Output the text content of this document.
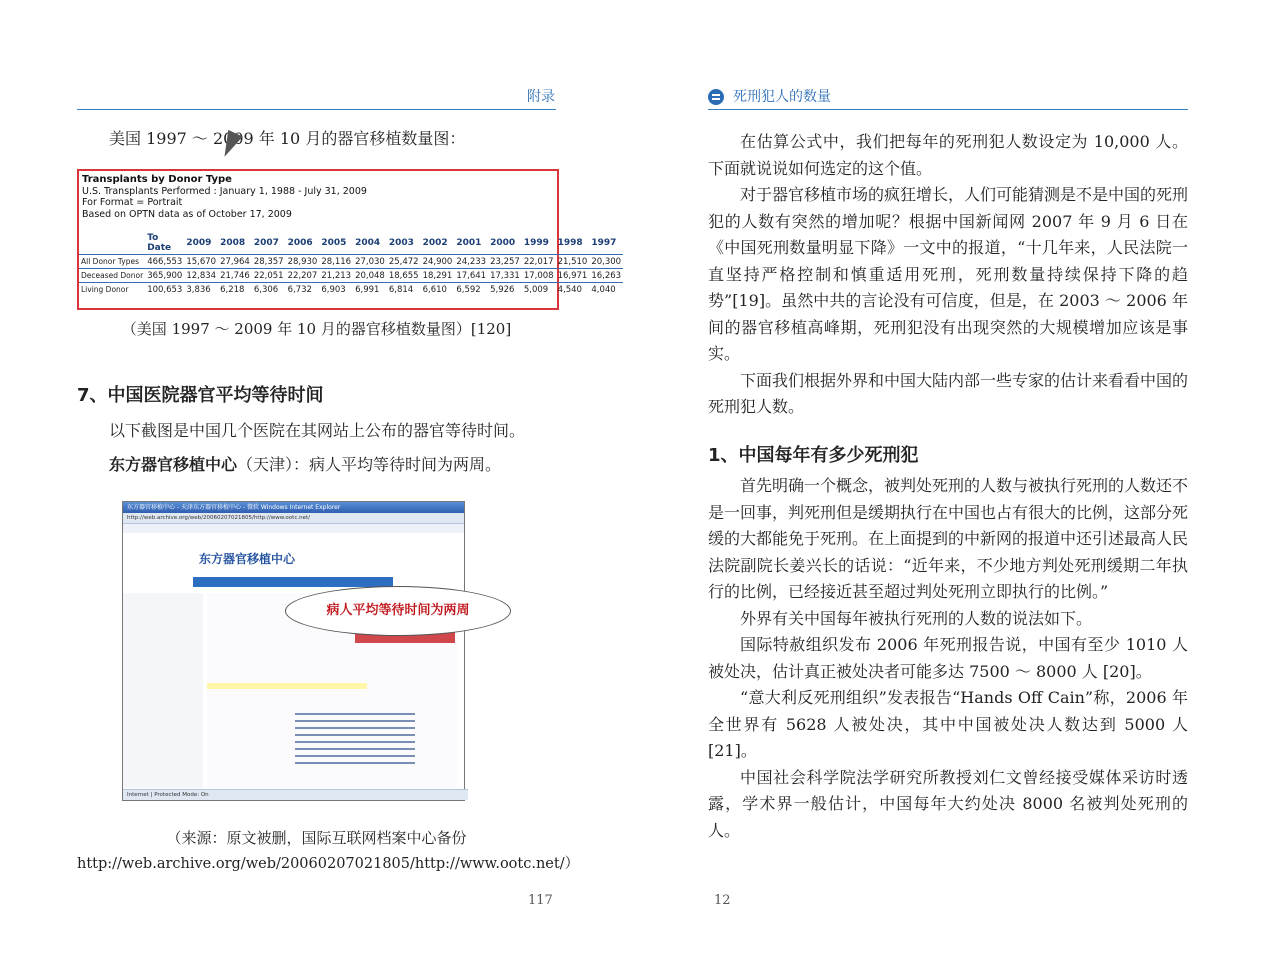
附录

美国 1997 ～ 2009 年 10 月的器官移植数量图：

Transplants by Donor Type
U.S. Transplants Performed : January 1, 1988 - July 31, 2009
For Format = Portrait
Based on OPTN data as of October 17, 2009
	To
Date	2009	2008	2007	2006	2005	2004	2003	2002	2001	2000	1999	1998	1997
All Donor Types	466,553	15,670	27,964	28,357	28,930	28,116	27,030	25,472	24,900	24,233	23,257	22,017	21,510	20,300
Deceased Donor	365,900	12,834	21,746	22,051	22,207	21,213	20,048	18,655	18,291	17,641	17,331	17,008	16,971	16,263
Living Donor	100,653	3,836	6,218	6,306	6,732	6,903	6,991	6,814	6,610	6,592	5,926	5,009	4,540	4,040
（美国 1997 ～ 2009 年 10 月的器官移植数量图）[120]
7、中国医院器官平均等待时间

以下截图是中国几个医院在其网站上公布的器官等待时间。

东方器官移植中心（天津）：病人平均等待时间为两周。

东方器官移植中心 - 天津东方器官移植中心 - 微软 Windows Internet Explorer
http://web.archive.org/web/20060207021805/http://www.ootc.net/
东方器官移植中心
Internet | Protected Mode: On
病人平均等待时间为两周
（来源：原文被删，国际互联网档案中心备份
http://web.archive.org/web/20060207021805/http://www.ootc.net/）
117
死刑犯人的数量

在估算公式中，我们把每年的死刑犯人数设定为 10,000 人。下面就说说如何选定的这个值。

对于器官移植市场的疯狂增长，人们可能猜测是不是中国的死刑犯的人数有突然的增加呢？根据中国新闻网 2007 年 9 月 6 日在《中国死刑数量明显下降》一文中的报道，“十几年来，人民法院一直坚持严格控制和慎重适用死刑，死刑数量持续保持下降的趋势”[19]。虽然中共的言论没有可信度，但是，在 2003 ～ 2006 年间的器官移植高峰期，死刑犯没有出现突然的大规模增加应该是事实。

下面我们根据外界和中国大陆内部一些专家的估计来看看中国的死刑犯人数。

1、中国每年有多少死刑犯

首先明确一个概念，被判处死刑的人数与被执行死刑的人数还不是一回事，判死刑但是缓期执行在中国也占有很大的比例，这部分死缓的大都能免于死刑。在上面提到的中新网的报道中还引述最高人民法院副院长姜兴长的话说：“近年来，不少地方判处死刑缓期二年执行的比例，已经接近甚至超过判处死刑立即执行的比例。”

外界有关中国每年被执行死刑的人数的说法如下。

国际特赦组织发布 2006 年死刑报告说，中国有至少 1010 人被处决，估计真正被处决者可能多达 7500 ～ 8000 人 [20]。

“意大利反死刑组织”发表报告“Hands Off Cain”称，2006 年全世界有 5628 人被处决，其中中国被处决人数达到 5000 人 [21]。

中国社会科学院法学研究所教授刘仁文曾经接受媒体采访时透露，学术界一般估计，中国每年大约处决 8000 名被判处死刑的人。

12
